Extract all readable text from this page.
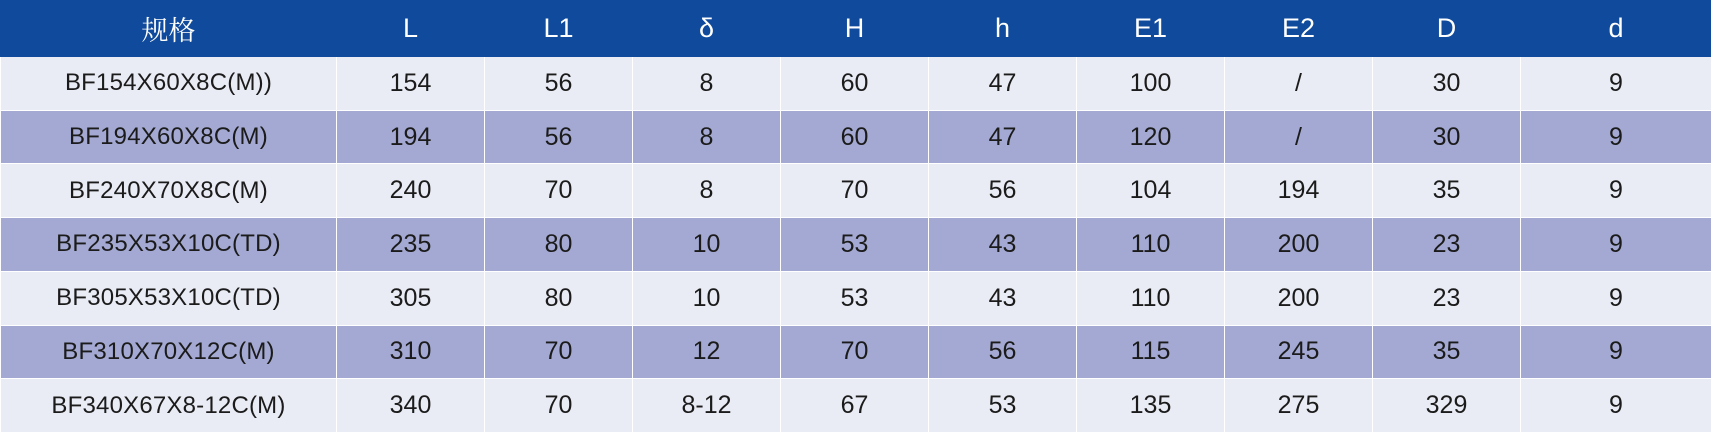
规格	L	L1	δ	H	h	E1	E2	D	d
BF154X60X8C(M))	154	56	8	60	47	100	/	30	9
BF194X60X8C(M)	194	56	8	60	47	120	/	30	9
BF240X70X8C(M)	240	70	8	70	56	104	194	35	9
BF235X53X10C(TD)	235	80	10	53	43	110	200	23	9
BF305X53X10C(TD)	305	80	10	53	43	110	200	23	9
BF310X70X12C(M)	310	70	12	70	56	115	245	35	9
BF340X67X8-12C(M)	340	70	8-12	67	53	135	275	329	9
